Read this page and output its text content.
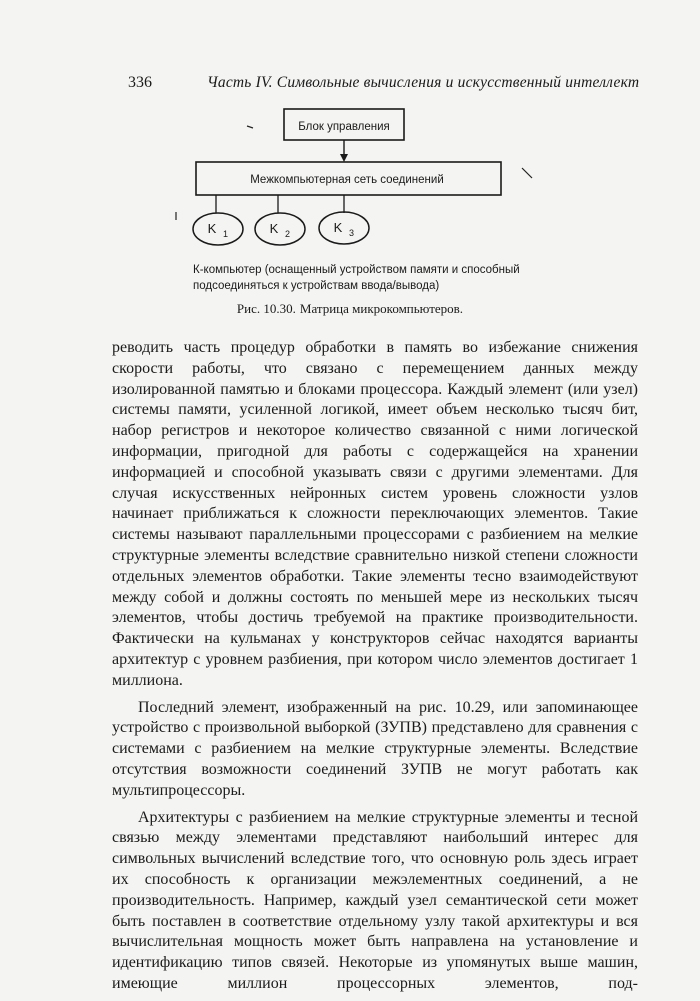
336	Часть IV. Символьные вычисления и искусственный интеллект
Блок управления
Межкомпьютерная сеть соединений
K 1	K 2	K 3
К-компьютер (оснащенный устройством памяти и способный
подсоединяться к устройствам ввода/вывода)
Рис. 10.30. Матрица микрокомпьютеров.

реводить часть процедур обработки в память во избежание снижения скорости работы, что связано с перемещением данных между изолированной памятью и блоками процессора. Каждый элемент (или узел) системы памяти, усиленной логикой, имеет объем несколько тысяч бит, набор регистров и некоторое количество связанной с ними логической информации, пригодной для работы с содержащейся на хранении информацией и способной указывать связи с другими элементами. Для случая искусственных нейронных систем уровень сложности узлов начинает приближаться к сложности переключающих элементов. Такие системы называют параллельными процессорами с разбиением на мелкие структурные элементы вследствие сравнительно низкой степени сложности отдельных элементов обработки. Такие элементы тесно взаимодействуют между собой и должны состоять по меньшей мере из нескольких тысяч элементов, чтобы достичь требуемой на практике производительности. Фактически на кульманах у конструкторов сейчас находятся варианты архитектур с уровнем разбиения, при котором число элементов достигает 1 миллиона.

Последний элемент, изображенный на рис. 10.29, или запоминающее устройство с произвольной выборкой (ЗУПВ) представлено для сравнения с системами с разбиением на мелкие структурные элементы. Вследствие отсутствия возможности соединений ЗУПВ не могут работать как мультипроцессоры.

Архитектуры с разбиением на мелкие структурные элементы и тесной связью между элементами представляют наибольший интерес для символьных вычислений вследствие того, что основную роль здесь играет их способность к организации межэлементных соединений, а не производительность. Например, каждый узел семантической сети может быть поставлен в соответствие отдельному узлу такой архитектуры и вся вычислительная мощность может быть направлена на установление и идентификацию типов связей. Некоторые из упомянутых выше машин, имеющие миллион процессорных элементов, под-
